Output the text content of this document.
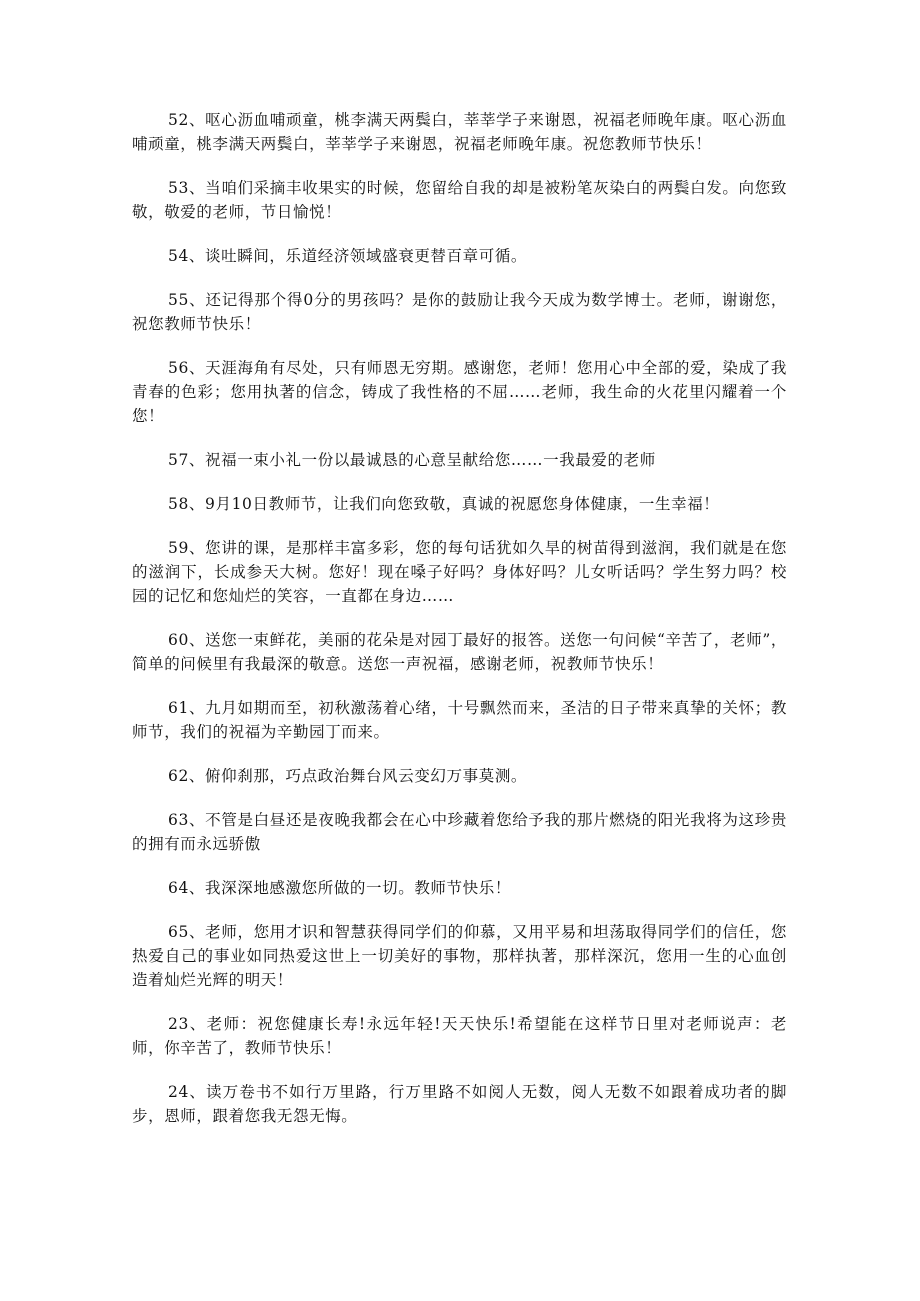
52、呕心沥血哺顽童，桃李满天两鬓白，莘莘学子来谢恩，祝福老师晚年康。呕心沥血哺顽童，桃李满天两鬓白，莘莘学子来谢恩，祝福老师晚年康。祝您教师节快乐！

53、当咱们采摘丰收果实的时候，您留给自我的却是被粉笔灰染白的两鬓白发。向您致敬，敬爱的老师，节日愉悦！

54、谈吐瞬间，乐道经济领域盛衰更替百章可循。

55、还记得那个得0分的男孩吗？是你的鼓励让我今天成为数学博士。老师，谢谢您，祝您教师节快乐！

56、天涯海角有尽处，只有师恩无穷期。感谢您，老师！您用心中全部的爱，染成了我青春的色彩；您用执著的信念，铸成了我性格的不屈……老师，我生命的火花里闪耀着一个您！

57、祝福一束小礼一份以最诚恳的心意呈献给您……一我最爱的老师

58、9月10日教师节，让我们向您致敬，真诚的祝愿您身体健康，一生幸福！

59、您讲的课，是那样丰富多彩，您的每句话犹如久旱的树苗得到滋润，我们就是在您的滋润下，长成参天大树。您好！现在嗓子好吗？身体好吗？儿女听话吗？学生努力吗？校园的记忆和您灿烂的笑容，一直都在身边……

60、送您一束鲜花，美丽的花朵是对园丁最好的报答。送您一句问候“辛苦了，老师”，简单的问候里有我最深的敬意。送您一声祝福，感谢老师，祝教师节快乐！

61、九月如期而至，初秋激荡着心绪，十号飘然而来，圣洁的日子带来真挚的关怀；教师节，我们的祝福为辛勤园丁而来。

62、俯仰刹那，巧点政治舞台风云变幻万事莫测。

63、不管是白昼还是夜晚我都会在心中珍藏着您给予我的那片燃烧的阳光我将为这珍贵的拥有而永远骄傲

64、我深深地感激您所做的一切。教师节快乐！

65、老师，您用才识和智慧获得同学们的仰慕，又用平易和坦荡取得同学们的信任，您热爱自己的事业如同热爱这世上一切美好的事物，那样执著，那样深沉，您用一生的心血创造着灿烂光辉的明天！

23、老师：祝您健康长寿!永远年轻!天天快乐!希望能在这样节日里对老师说声：老师，你辛苦了，教师节快乐！

24、读万卷书不如行万里路，行万里路不如阅人无数，阅人无数不如跟着成功者的脚步，恩师，跟着您我无怨无悔。
